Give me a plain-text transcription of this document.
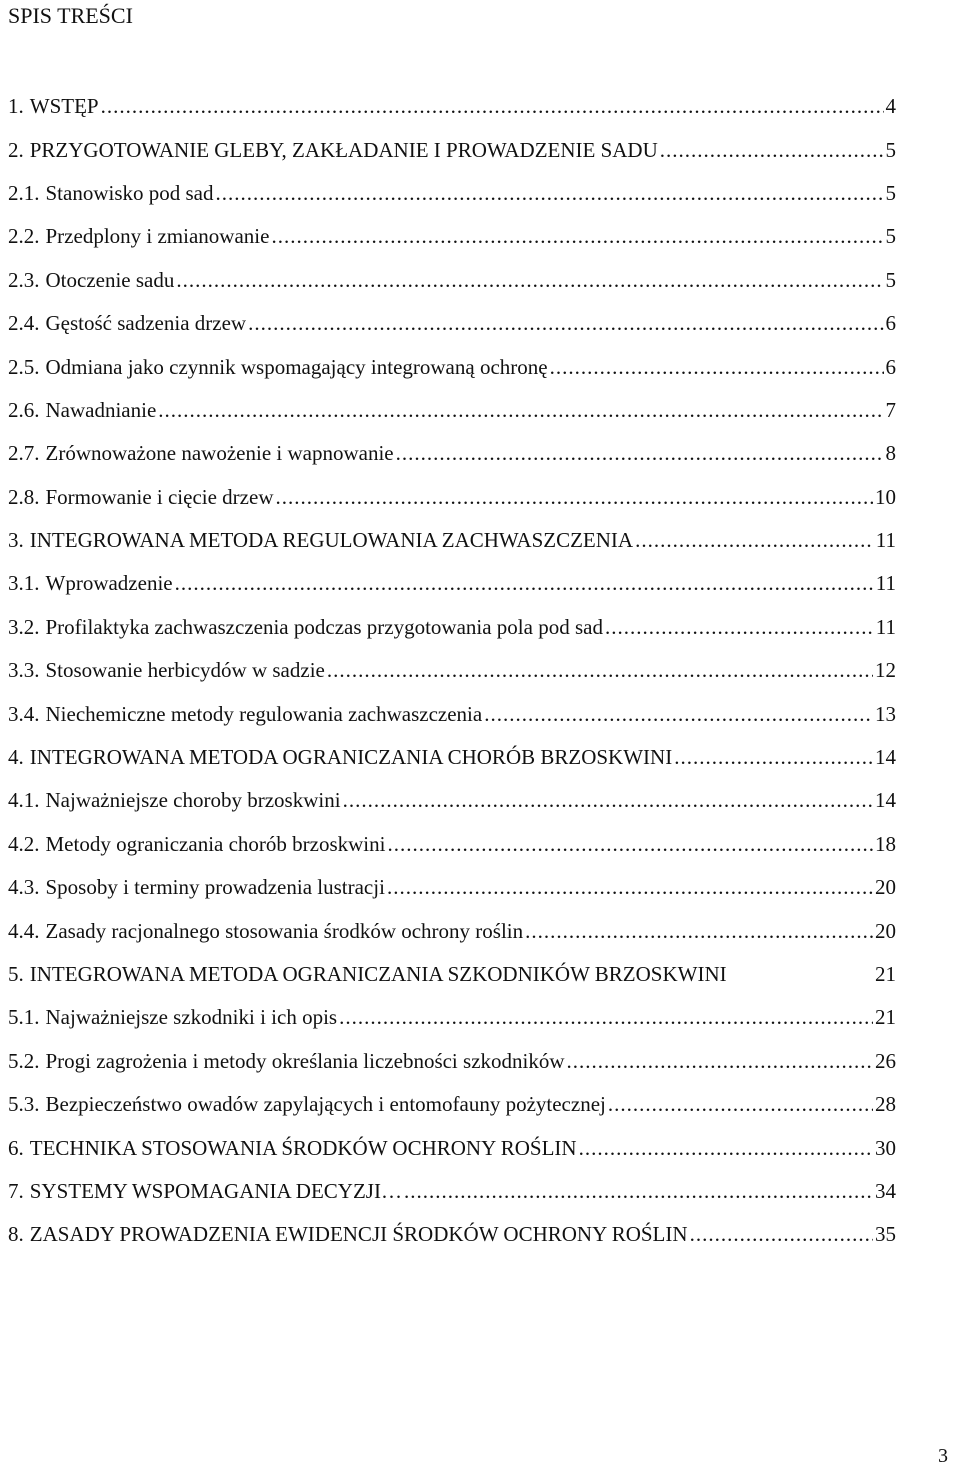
SPIS TREŚCI
1. WSTĘP .....	4
2. PRZYGOTOWANIE GLEBY, ZAKŁADANIE I PROWADZENIE SADU .....	5
2.1. Stanowisko pod sad .....	5
2.2. Przedplony i zmianowanie .....	5
2.3. Otoczenie sadu .....	5
2.4. Gęstość sadzenia drzew .....	6
2.5. Odmiana jako czynnik wspomagający integrowaną ochronę .....	6
2.6. Nawadnianie .....	7
2.7. Zrównoważone nawożenie i wapnowanie .....	8
2.8. Formowanie i cięcie drzew .....	10
3. INTEGROWANA METODA REGULOWANIA ZACHWASZCZENIA .....	11
3.1. Wprowadzenie .....	11
3.2. Profilaktyka zachwaszczenia podczas przygotowania pola pod sad .....	11
3.3. Stosowanie herbicydów w sadzie .....	12
3.4. Niechemiczne metody regulowania zachwaszczenia .....	13
4. INTEGROWANA METODA OGRANICZANIA CHORÓB BRZOSKWINI .....	14
4.1. Najważniejsze choroby brzoskwini .....	14
4.2. Metody ograniczania chorób brzoskwini .....	18
4.3. Sposoby i terminy prowadzenia lustracji .....	20
4.4. Zasady racjonalnego stosowania środków ochrony roślin .....	20
5. INTEGROWANA METODA OGRANICZANIA SZKODNIKÓW BRZOSKWINI	21
5.1. Najważniejsze szkodniki i ich opis .....	21
5.2. Progi zagrożenia i metody określania liczebności szkodników .....	26
5.3. Bezpieczeństwo owadów zapylających i entomofauny pożytecznej .....	28
6. TECHNIKA STOSOWANIA ŚRODKÓW OCHRONY ROŚLIN .....	30
7. SYSTEMY WSPOMAGANIA DECYZJI… .....	34
8. ZASADY PROWADZENIA EWIDENCJI ŚRODKÓW OCHRONY ROŚLIN .....	35
3
